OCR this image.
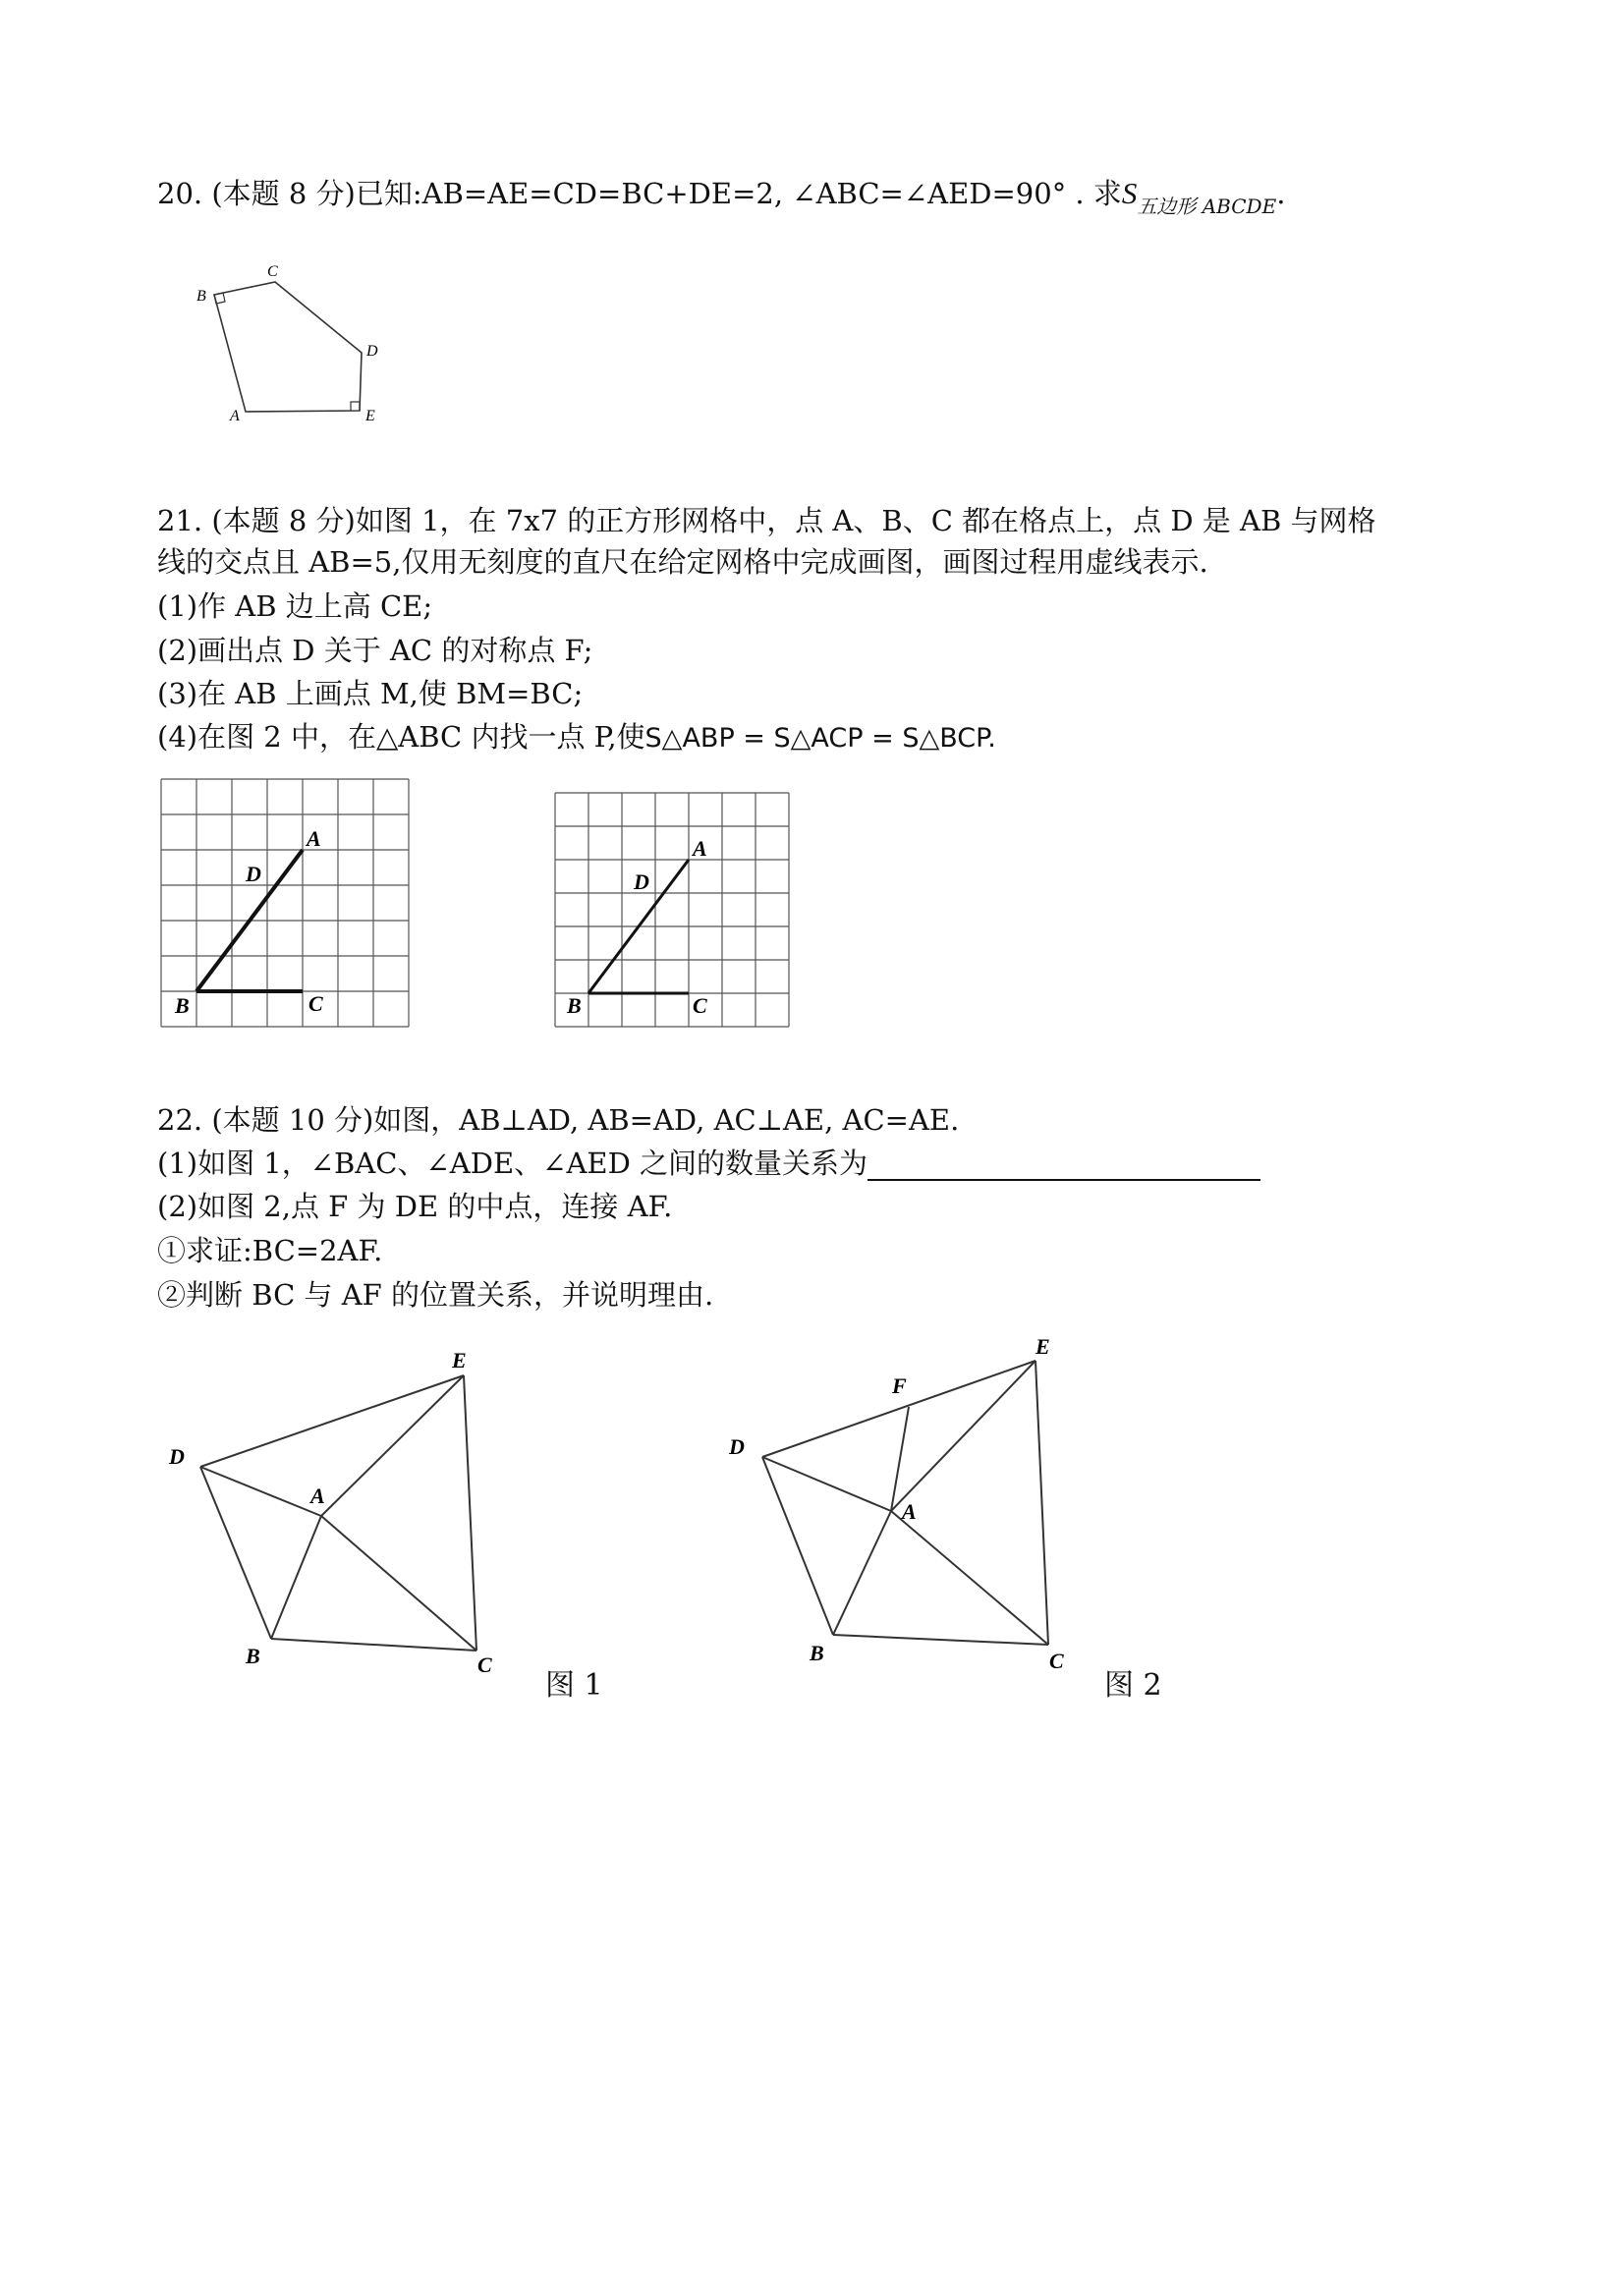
20. (本题 8 分)已知:AB=AE=CD=BC+DE=2, ∠ABC=∠AED=90° . 求$S_{五边形 ABCDE}$.
B
C
D
E
A
21. (本题 8 分)如图 1，在 7x7 的正方形网格中，点 A、B、C 都在格点上，点 D 是 AB 与网格
线的交点且 AB=5,仅用无刻度的直尺在给定网格中完成画图，画图过程用虚线表示.
(1)作 AB 边上高 CE;
(2)画出点 D 关于 AC 的对称点 F;
(3)在 AB 上画点 M,使 BM=BC;
(4)在图 2 中，在△ABC 内找一点 P,使S△ABP = S△ACP = S△BCP.
A
D
B	C
A
D
B	C
22. (本题 10 分)如图，AB⊥AD, AB=AD, AC⊥AE, AC=AE.
(1)如图 1，∠BAC、∠ADE、∠AED 之间的数量关系为
(2)如图 2,点 F 为 DE 的中点，连接 AF.
①求证:BC=2AF.
②判断 BC 与 AF 的位置关系，并说明理由.
E
D
A
B	C
E
F
D
A
B	C
图 1	图 2
